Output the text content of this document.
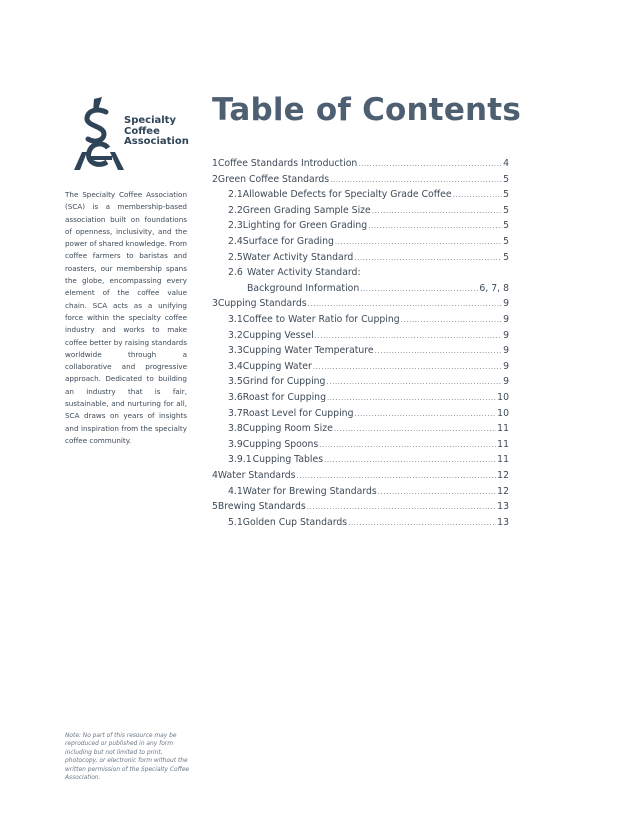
Specialty
Coffee
Association
The Specialty Coffee Association (SCA) is a membership-based association built on foundations of openness, inclusivity, and the power of shared knowledge. From coffee farmers to baristas and roasters, our membership spans the globe, encompassing every element of the coffee value chain. SCA acts as a unifying force within the specialty coffee industry and works to make coffee better by raising standards worldwide through a collaborative and progressive approach. Dedicated to building an industry that is fair, sustainable, and nurturing for all, SCA draws on years of insights and inspiration from the specialty coffee community.
Note: No part of this resource may be reproduced or published in any form including but not limited to print, photocopy, or electronic form without the written permission of the Specialty Coffee Association.
Table of Contents
1 Coffee Standards Introduction .....	4
2 Green Coffee Standards .....	5
2.1 Allowable Defects for Specialty Grade Coffee .....	5
2.2 Green Grading Sample Size .....	5
2.3 Lighting for Green Grading .....	5
2.4 Surface for Grading .....	5
2.5 Water Activity Standard .....	5
2.6 Water Activity Standard:
Background Information .....	6, 7, 8
3 Cupping Standards .....	9
3.1 Coffee to Water Ratio for Cupping .....	9
3.2 Cupping Vessel .....	9
3.3 Cupping Water Temperature .....	9
3.4 Cupping Water .....	9
3.5 Grind for Cupping .....	9
3.6 Roast for Cupping .....	10
3.7 Roast Level for Cupping .....	10
3.8 Cupping Room Size .....	11
3.9 Cupping Spoons .....	11
3.9.1 Cupping Tables .....	11
4 Water Standards .....	12
4.1 Water for Brewing Standards .....	12
5 Brewing Standards .....	13
5.1 Golden Cup Standards .....	13
